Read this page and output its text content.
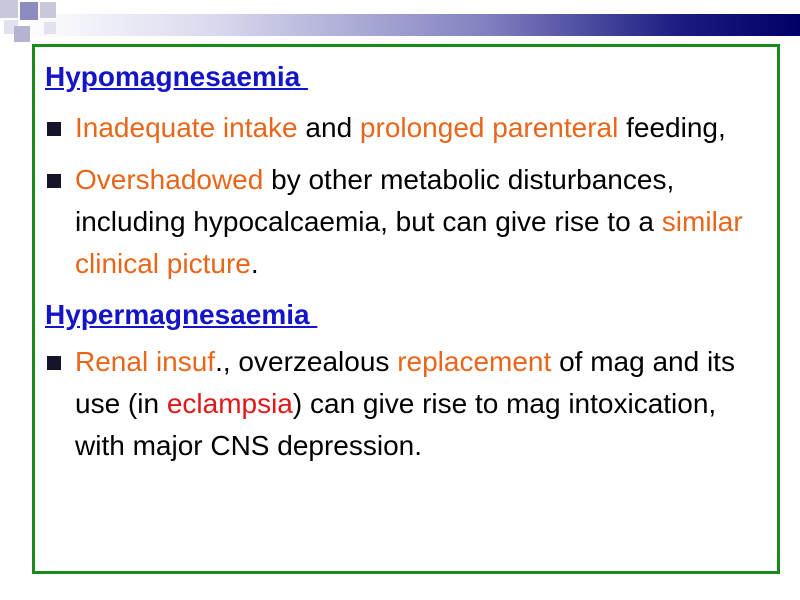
Hypomagnesaemia
Inadequate intake and prolonged parenteral feeding,
Overshadowed by other metabolic disturbances, including hypocalcaemia, but can give rise to a similar clinical picture.
Hypermagnesaemia
Renal insuf., overzealous replacement of mag and its use (in eclampsia) can give rise to mag intoxication, with major CNS depression.
